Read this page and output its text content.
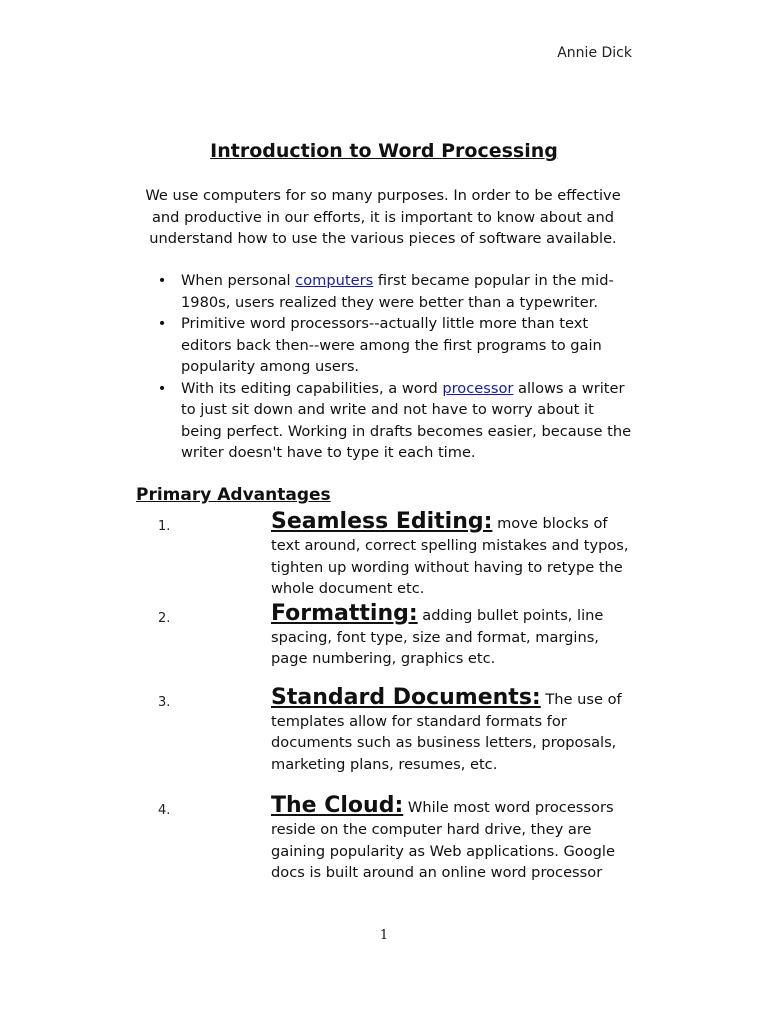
Annie Dick
Introduction to Word Processing

We use computers for so many purposes. In order to be effective and productive in our efforts, it is important to know about and understand how to use the various pieces of software available.

• When personal computers first became popular in the mid-1980s, users realized they were better than a typewriter.
• Primitive word processors--actually little more than text editors back then--were among the first programs to gain popularity among users.
• With its editing capabilities, a word processor allows a writer to just sit down and write and not have to worry about it being perfect. Working in drafts becomes easier, because the writer doesn't have to type it each time.
Primary Advantages
1.	Seamless Editing: move blocks of text around, correct spelling mistakes and typos, tighten up wording without having to retype the whole document etc.
2.	Formatting: adding bullet points, line spacing, font type, size and format, margins, page numbering, graphics etc.
3.	Standard Documents: The use of templates allow for standard formats for documents such as business letters, proposals, marketing plans, resumes, etc.
4.	The Cloud: While most word processors reside on the computer hard drive, they are gaining popularity as Web applications. Google docs is built around an online word processor
1
